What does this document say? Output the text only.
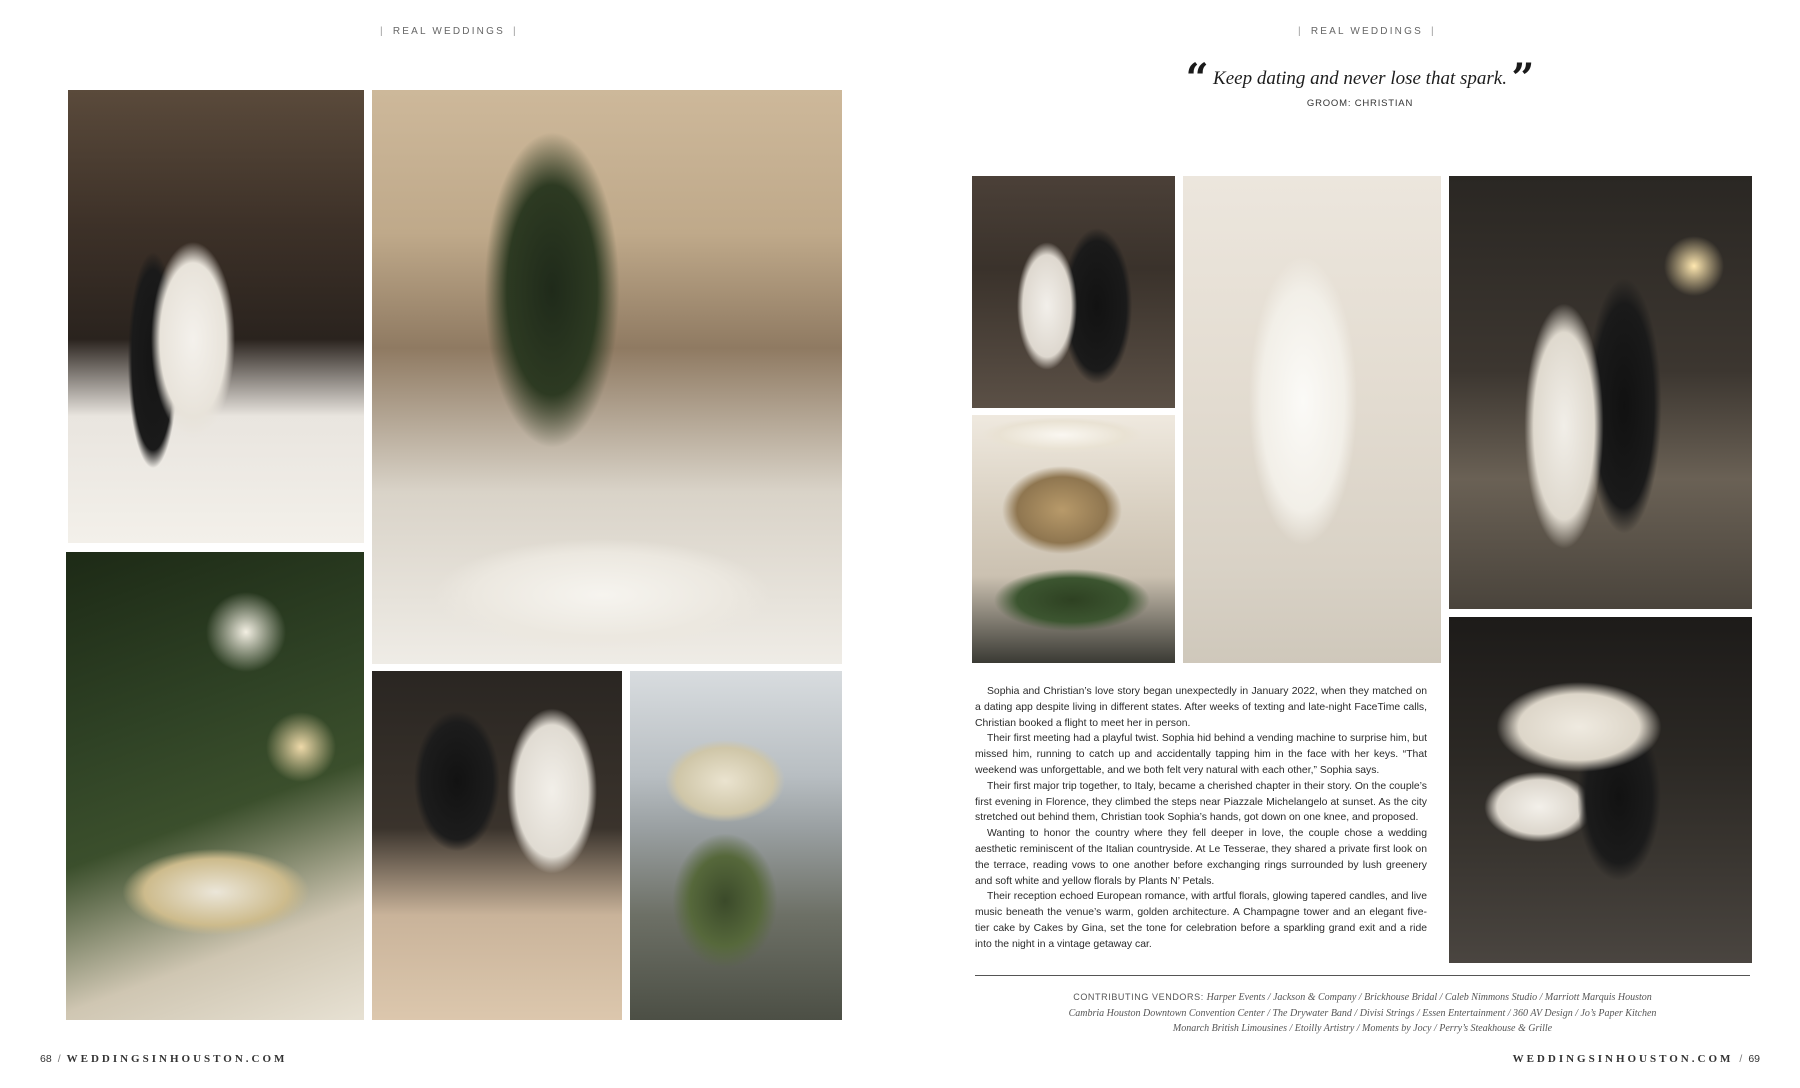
| REAL WEDDINGS |
68 / WEDDINGSINHOUSTON.COM
| REAL WEDDINGS |
WEDDINGSINHOUSTON.COM / 69
“ Keep dating and never lose that spark. ”
GROOM: CHRISTIAN

Sophia and Christian’s love story began unexpectedly in January 2022, when they matched on a dating app despite living in different states. After weeks of texting and late-night FaceTime calls, Christian booked a flight to meet her in person.

Their first meeting had a playful twist. Sophia hid behind a vending machine to surprise him, but missed him, running to catch up and accidentally tapping him in the face with her keys. “That weekend was unforgettable, and we both felt very natural with each other,” Sophia says.

Their first major trip together, to Italy, became a cherished chapter in their story. On the couple’s first evening in Florence, they climbed the steps near Piazzale Michelangelo at sunset. As the city stretched out behind them, Christian took Sophia’s hands, got down on one knee, and proposed.

Wanting to honor the country where they fell deeper in love, the couple chose a wedding aesthetic reminiscent of the Italian countryside. At Le Tesserae, they shared a private first look on the terrace, reading vows to one another before exchanging rings surrounded by lush greenery and soft white and yellow florals by Plants N’ Petals.

Their reception echoed European romance, with artful florals, glowing tapered candles, and live music beneath the venue’s warm, golden architecture. A Champagne tower and an elegant five-tier cake by Cakes by Gina, set the tone for celebration before a sparkling grand exit and a ride into the night in a vintage getaway car.

CONTRIBUTING VENDORS: Harper Events / Jackson & Company / Brickhouse Bridal / Caleb Nimmons Studio / Marriott Marquis Houston
Cambria Houston Downtown Convention Center / The Drywater Band / Divisi Strings / Essen Entertainment / 360 AV Design / Jo’s Paper Kitchen
Monarch British Limousines / Etoilly Artistry / Moments by Jocy / Perry’s Steakhouse & Grille
